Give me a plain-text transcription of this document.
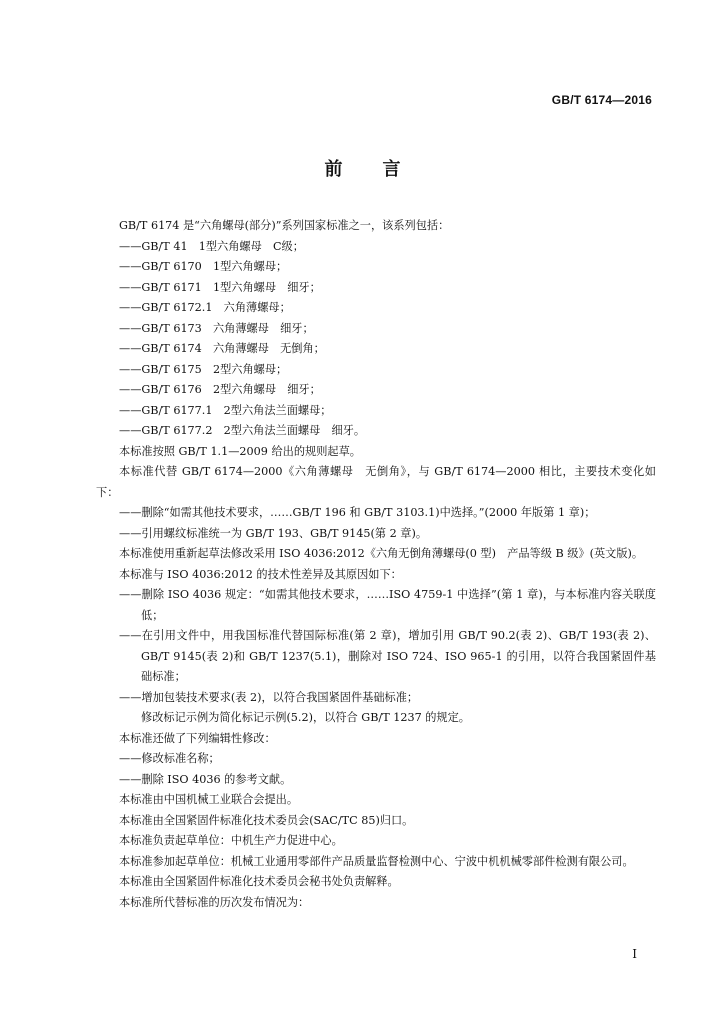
GB/T 6174—2016
前言

GB/T 6174 是“六角螺母(部分)”系列国家标准之一，该系列包括：

——GB/T 41　1型六角螺母　C级；

——GB/T 6170　1型六角螺母；

——GB/T 6171　1型六角螺母　细牙；

——GB/T 6172.1　六角薄螺母；

——GB/T 6173　六角薄螺母　细牙；

——GB/T 6174　六角薄螺母　无倒角；

——GB/T 6175　2型六角螺母；

——GB/T 6176　2型六角螺母　细牙；

——GB/T 6177.1　2型六角法兰面螺母；

——GB/T 6177.2　2型六角法兰面螺母　细牙。

本标准按照 GB/T 1.1—2009 给出的规则起草。

本标准代替 GB/T 6174—2000《六角薄螺母　无倒角》，与 GB/T 6174—2000 相比，主要技术变化如下：

——删除“如需其他技术要求，……GB/T 196 和 GB/T 3103.1)中选择。”(2000 年版第 1 章)；

——引用螺纹标准统一为 GB/T 193、GB/T 9145(第 2 章)。

本标准使用重新起草法修改采用 ISO 4036:2012《六角无倒角薄螺母(0 型)　产品等级 B 级》(英文版)。

本标准与 ISO 4036:2012 的技术性差异及其原因如下：

——删除 ISO 4036 规定：“如需其他技术要求，……ISO 4759-1 中选择”(第 1 章)，与本标准内容关联度低；

——在引用文件中，用我国标准代替国际标准(第 2 章)，增加引用 GB/T 90.2(表 2)、GB/T 193(表 2)、GB/T 9145(表 2)和 GB/T 1237(5.1)，删除对 ISO 724、ISO 965-1 的引用，以符合我国紧固件基础标准；

——增加包装技术要求(表 2)，以符合我国紧固件基础标准；

修改标记示例为简化标记示例(5.2)，以符合 GB/T 1237 的规定。

本标准还做了下列编辑性修改：

——修改标准名称；

——删除 ISO 4036 的参考文献。

本标准由中国机械工业联合会提出。

本标准由全国紧固件标准化技术委员会(SAC/TC 85)归口。

本标准负责起草单位：中机生产力促进中心。

本标准参加起草单位：机械工业通用零部件产品质量监督检测中心、宁波中机机械零部件检测有限公司。

本标准由全国紧固件标准化技术委员会秘书处负责解释。

本标准所代替标准的历次发布情况为：

I
